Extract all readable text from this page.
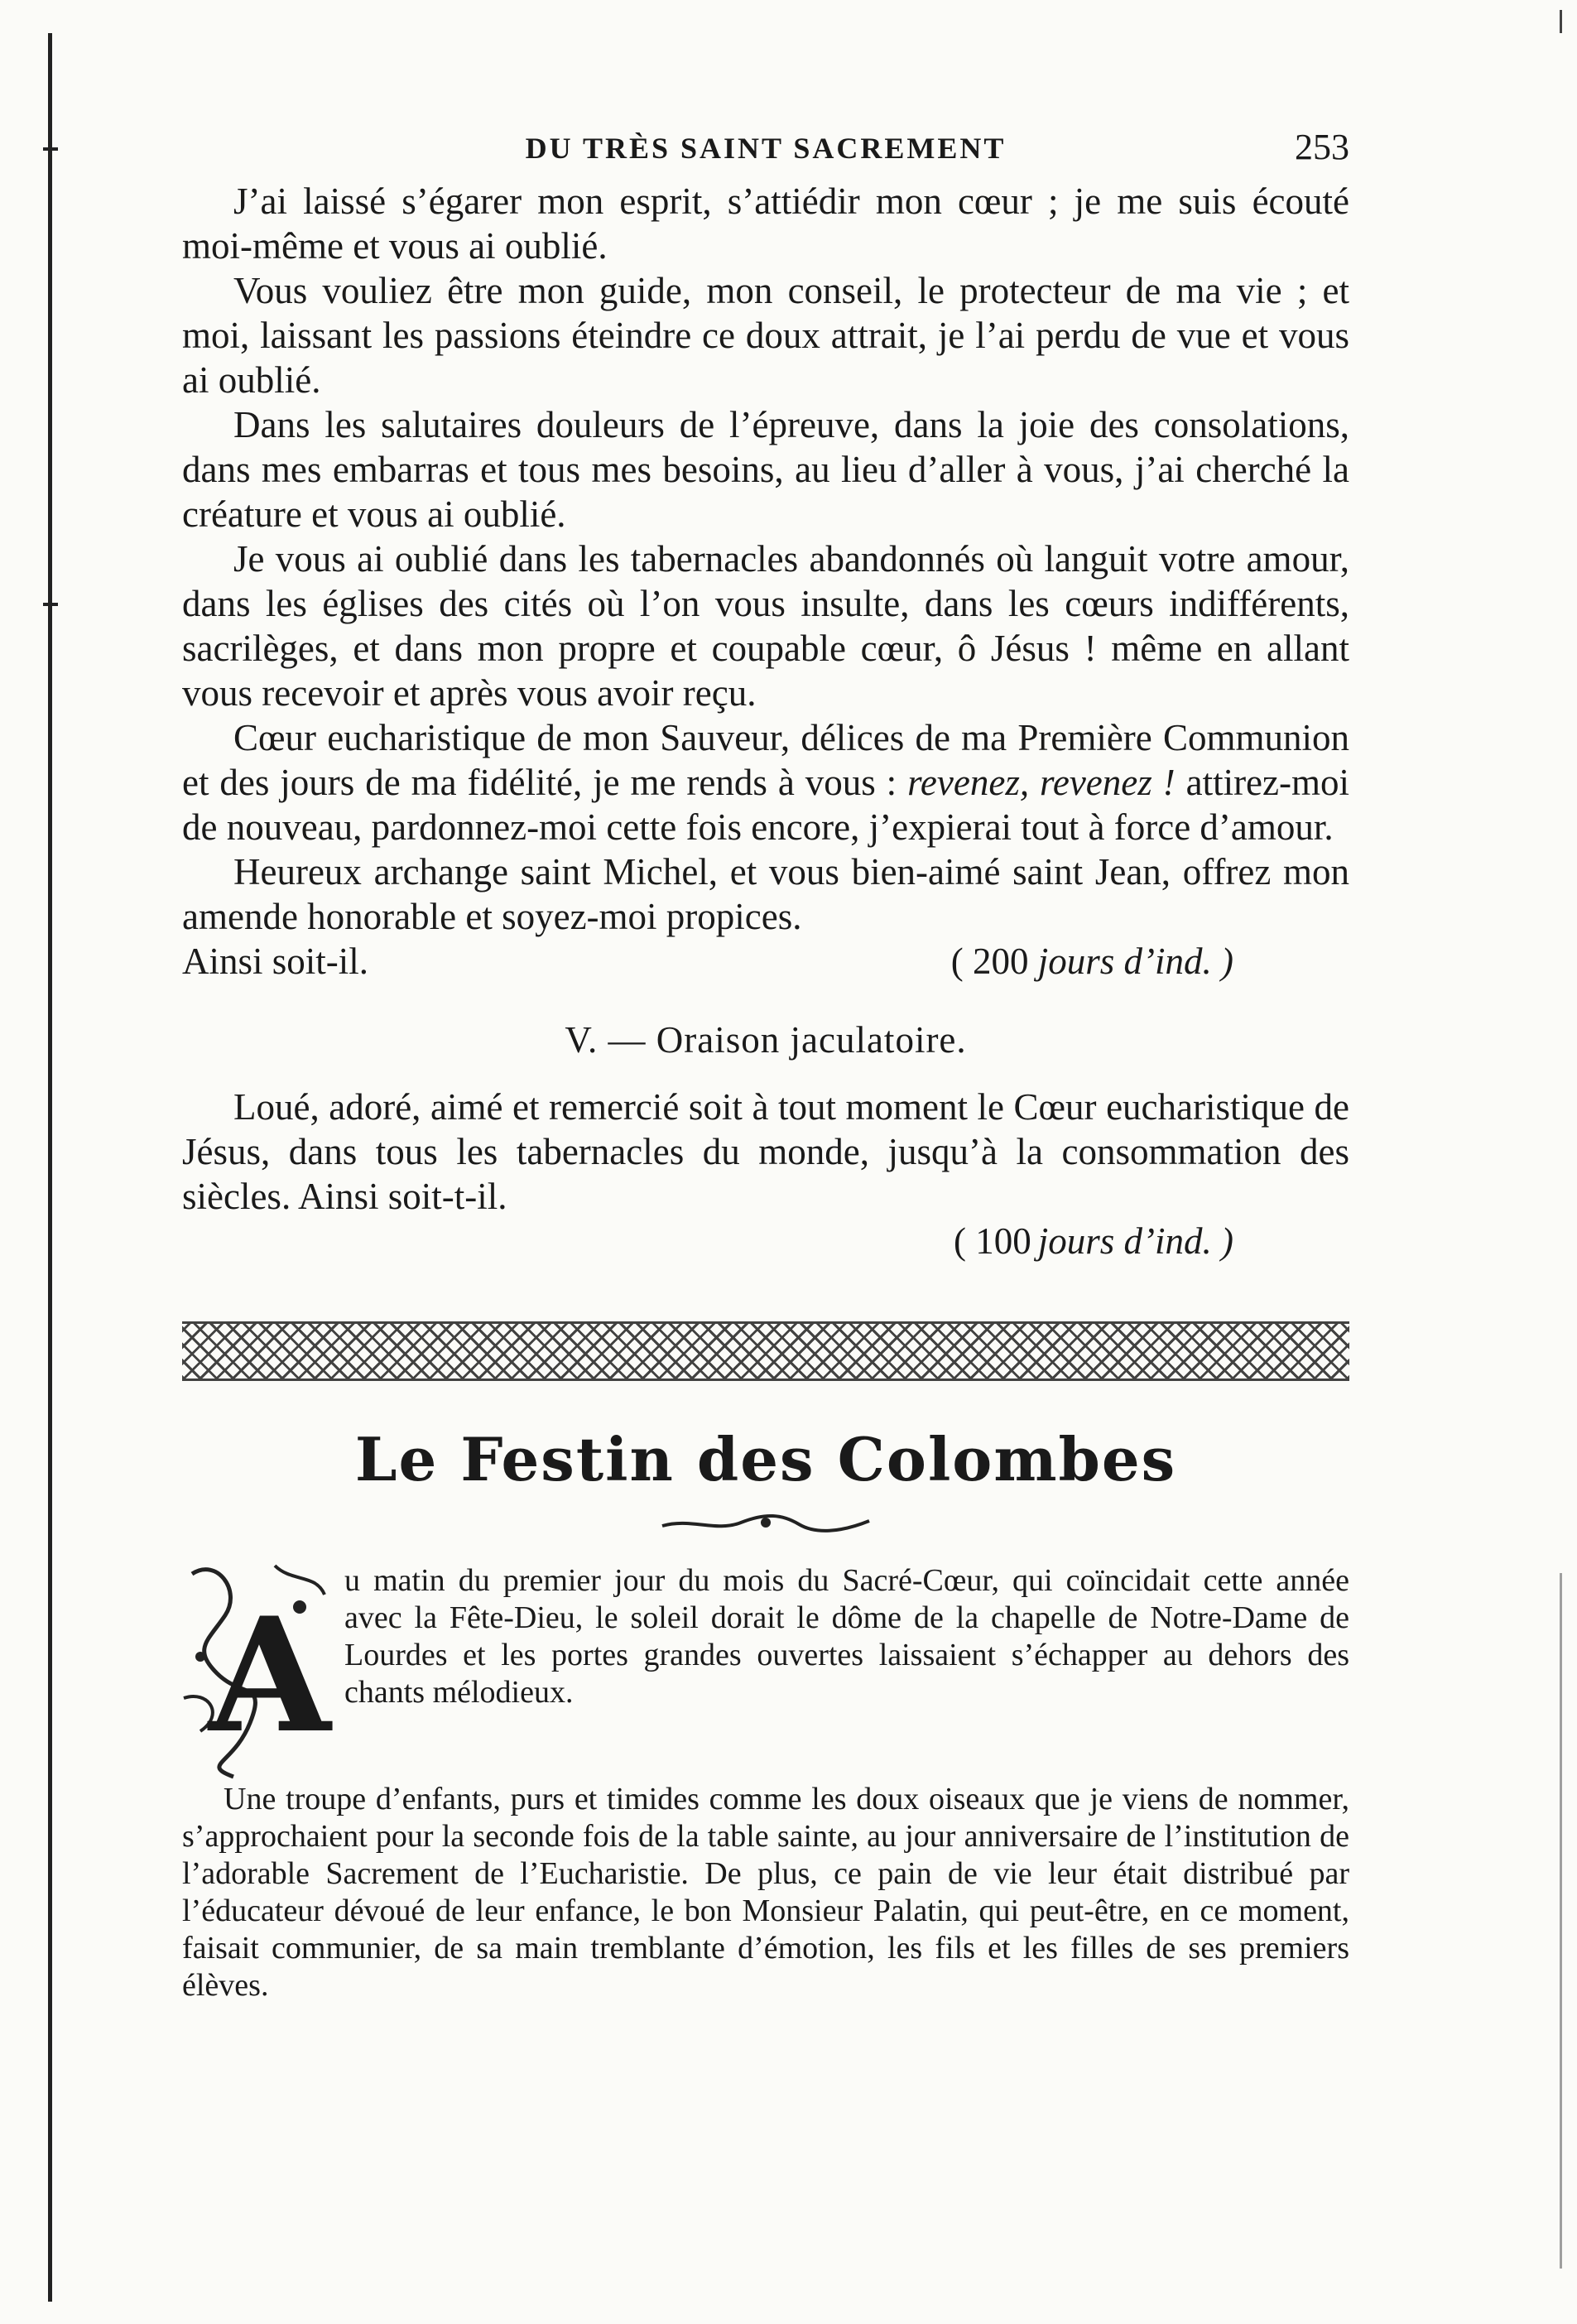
DU TRÈS SAINT SACREMENT	253

J’ai laissé s’égarer mon esprit, s’attiédir mon cœur ; je me suis écouté moi-même et vous ai oublié.

Vous vouliez être mon guide, mon conseil, le protecteur de ma vie ; et moi, laissant les passions éteindre ce doux attrait, je l’ai perdu de vue et vous ai oublié.

Dans les salutaires douleurs de l’épreuve, dans la joie des consolations, dans mes embarras et tous mes besoins, au lieu d’aller à vous, j’ai cherché la créature et vous ai oublié.

Je vous ai oublié dans les tabernacles abandonnés où languit votre amour, dans les églises des cités où l’on vous insulte, dans les cœurs indifférents, sacrilèges, et dans mon propre et coupable cœur, ô Jésus ! même en allant vous recevoir et après vous avoir reçu.

Cœur eucharistique de mon Sauveur, délices de ma Première Communion et des jours de ma fidélité, je me rends à vous : revenez, revenez ! attirez-moi de nouveau, pardonnez-moi cette fois encore, j’expierai tout à force d’amour.

Heureux archange saint Michel, et vous bien-aimé saint Jean, offrez mon amende honorable et soyez-moi propices.

Ainsi soit-il.	( 200 jours d’ind. )
V. — Oraison jaculatoire.

Loué, adoré, aimé et remercié soit à tout moment le Cœur eucharistique de Jésus, dans tous les tabernacles du monde, jusqu’à la consommation des siècles. Ainsi soit-t-il.

( 100 jours d’ind. )
Le Festin des Colombes
A

u matin du premier jour du mois du Sacré-Cœur, qui coïncidait cette année avec la Fête-Dieu, le soleil dorait le dôme de la chapelle de Notre-Dame de Lourdes et les portes grandes ouvertes laissaient s’échapper au dehors des chants mélodieux.

Une troupe d’enfants, purs et timides comme les doux oiseaux que je viens de nommer, s’approchaient pour la seconde fois de la table sainte, au jour anniversaire de l’institution de l’adorable Sacrement de l’Eucharistie. De plus, ce pain de vie leur était distribué par l’éducateur dévoué de leur enfance, le bon Monsieur Palatin, qui peut-être, en ce moment, faisait communier, de sa main tremblante d’émotion, les fils et les filles de ses premiers élèves.
